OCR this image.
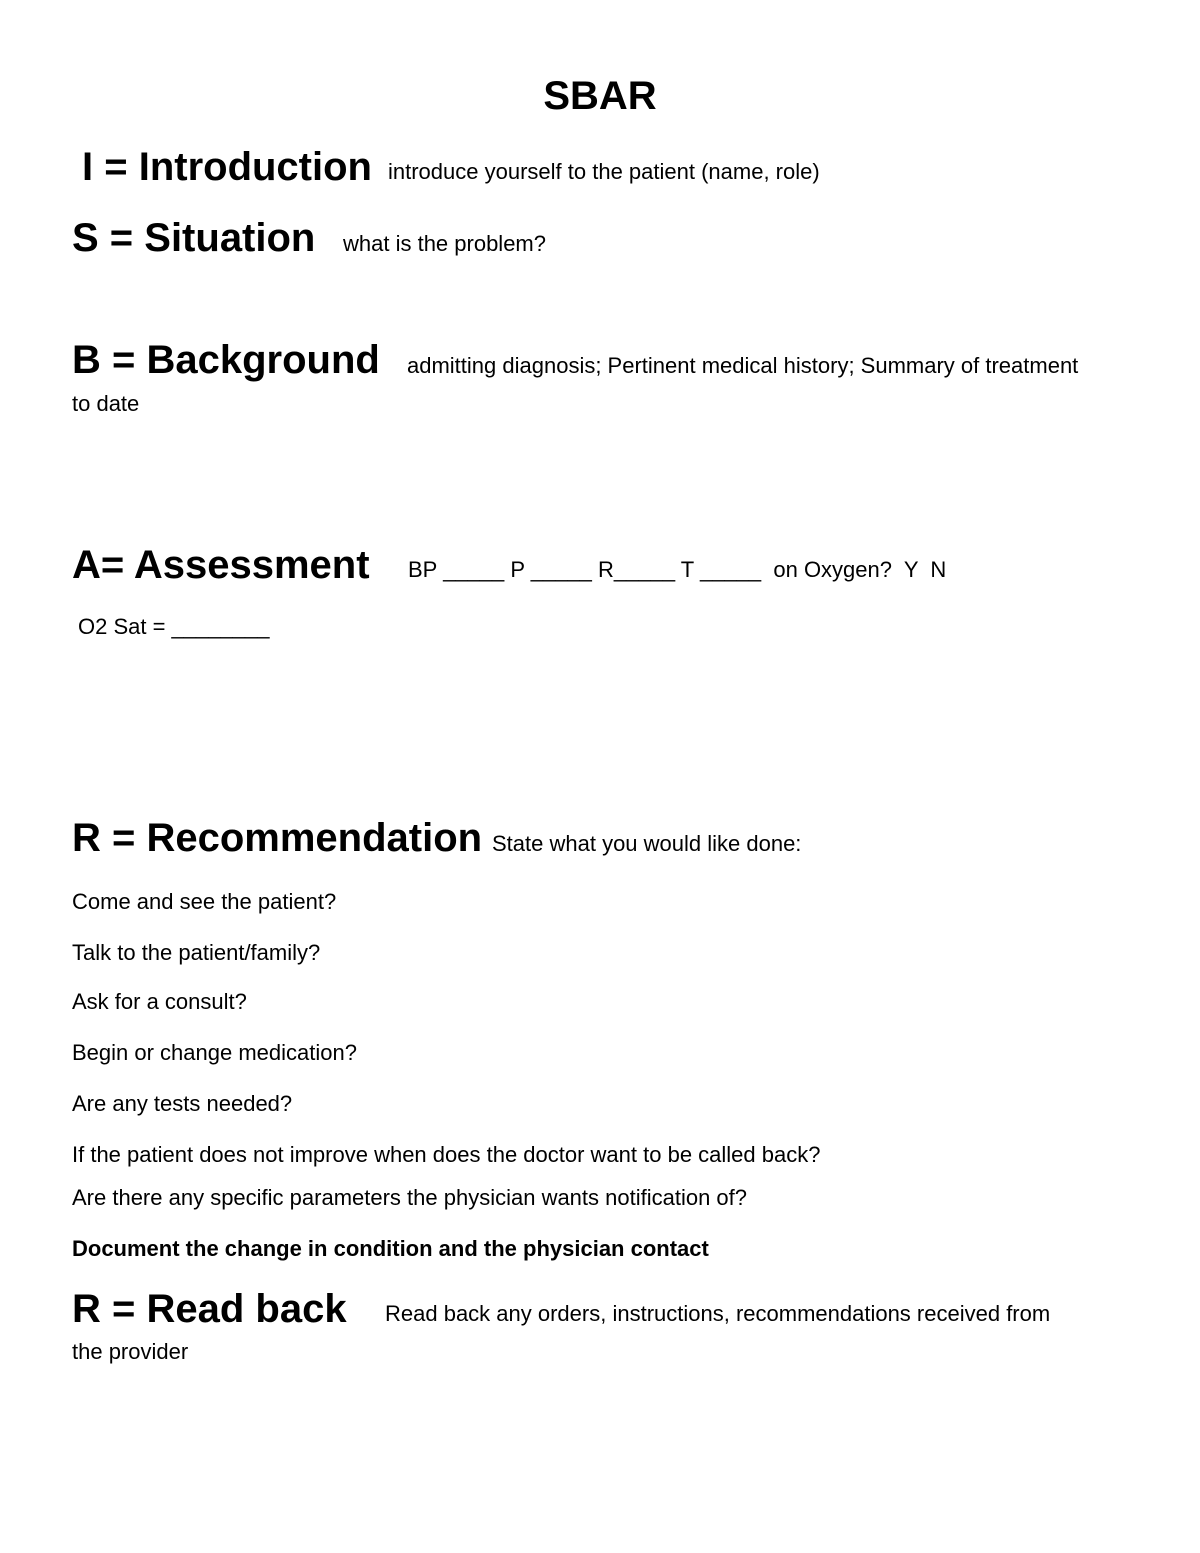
SBAR
I = Introduction introduce yourself to the patient (name, role)
S = Situation what is the problem?
B = Background admitting diagnosis; Pertinent medical history; Summary of treatment
to date
A= Assessment BP _____ P _____ R_____ T _____  on Oxygen?  Y  N
O2 Sat = ________
R = Recommendation State what you would like done:
Come and see the patient?
Talk to the patient/family?
Ask for a consult?
Begin or change medication?
Are any tests needed?
If the patient does not improve when does the doctor want to be called back?
Are there any specific parameters the physician wants notification of?
Document the change in condition and the physician contact
R = Read back Read back any orders, instructions, recommendations received from
the provider
